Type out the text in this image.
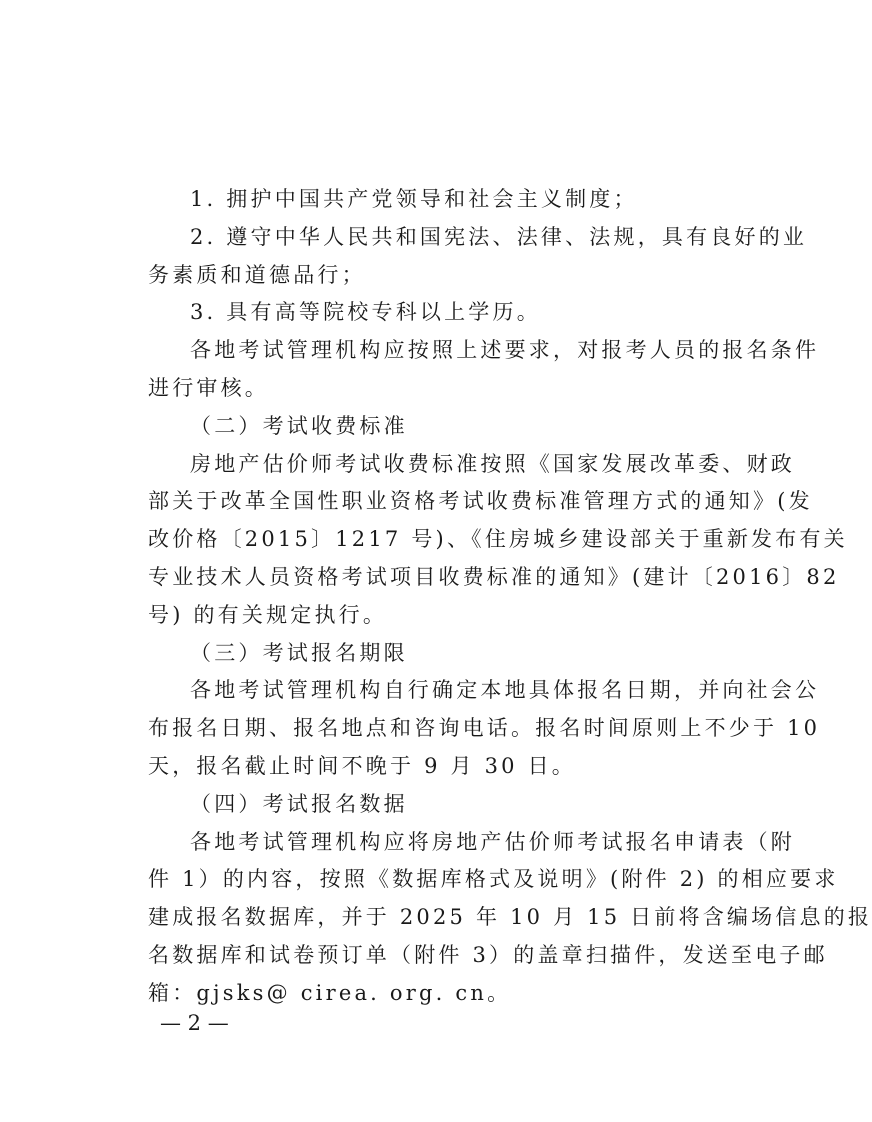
1. 拥护中国共产党领导和社会主义制度；
2. 遵守中华人民共和国宪法、法律、法规，具有良好的业
务素质和道德品行；
3. 具有高等院校专科以上学历。
各地考试管理机构应按照上述要求，对报考人员的报名条件
进行审核。
（二）考试收费标准
房地产估价师考试收费标准按照《国家发展改革委、财政
部关于改革全国性职业资格考试收费标准管理方式的通知》(发
改价格〔2015〕1217 号)、《住房城乡建设部关于重新发布有关
专业技术人员资格考试项目收费标准的通知》(建计〔2016〕82
号) 的有关规定执行。
（三）考试报名期限
各地考试管理机构自行确定本地具体报名日期，并向社会公
布报名日期、报名地点和咨询电话。报名时间原则上不少于 10
天，报名截止时间不晚于 9 月 30 日。
（四）考试报名数据
各地考试管理机构应将房地产估价师考试报名申请表（附
件 1）的内容，按照《数据库格式及说明》(附件 2) 的相应要求
建成报名数据库，并于 2025 年 10 月 15 日前将含编场信息的报
名数据库和试卷预订单（附件 3）的盖章扫描件，发送至电子邮
箱：gjsks@ cirea. org. cn。
— 2 —
